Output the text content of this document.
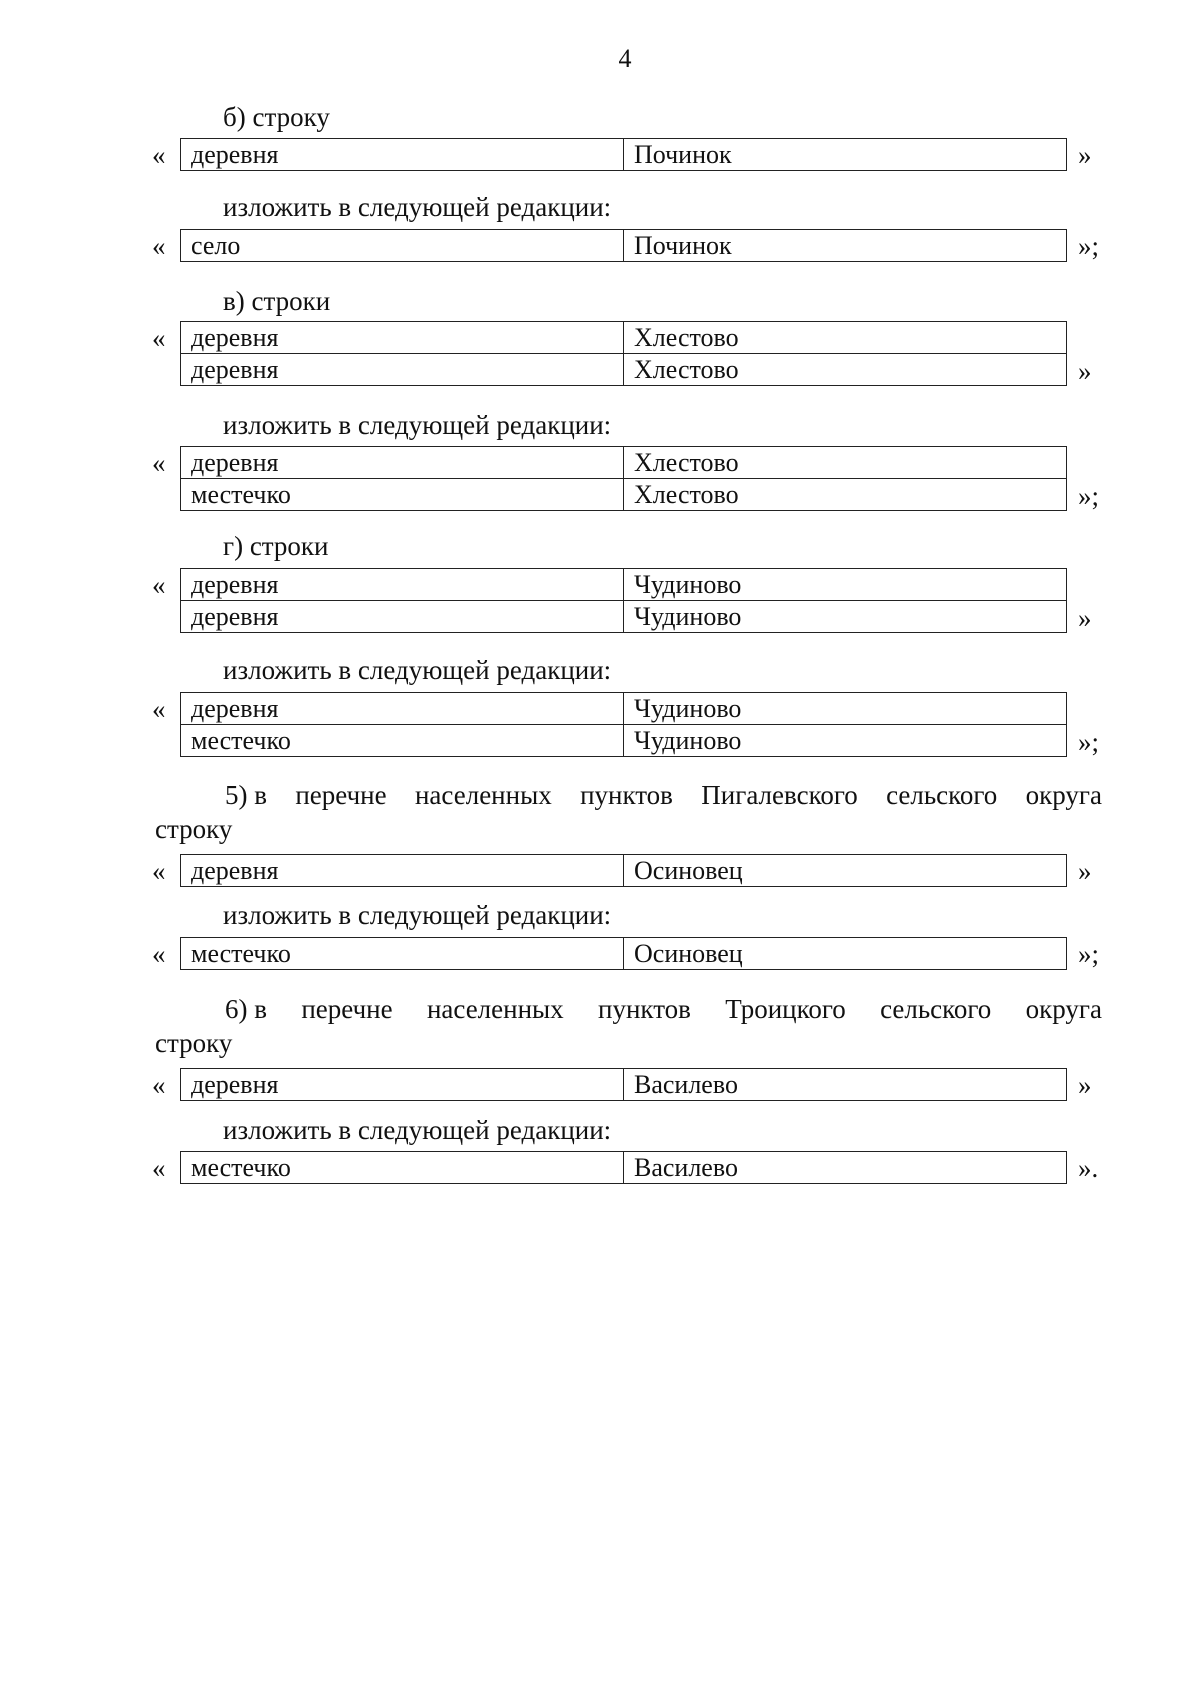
4
б) строку
деревня	Починок
«	»
изложить в следующей редакции:
село	Починок
«	»;
в) строки
деревня	Хлестово
деревня	Хлестово
«
»
изложить в следующей редакции:
деревня	Хлестово
местечко	Хлестово
«
»;
г) строки
деревня	Чудиново
деревня	Чудиново
«
»
изложить в следующей редакции:
деревня	Чудиново
местечко	Чудиново
«
»;
5) в перечне населенных пунктов Пигалевского сельского округа
строку
деревня	Осиновец
«	»
изложить в следующей редакции:
местечко	Осиновец
«	»;
6) в перечне населенных пунктов Троицкого сельского округа
строку
деревня	Василево
«	»
изложить в следующей редакции:
местечко	Василево
«	».
